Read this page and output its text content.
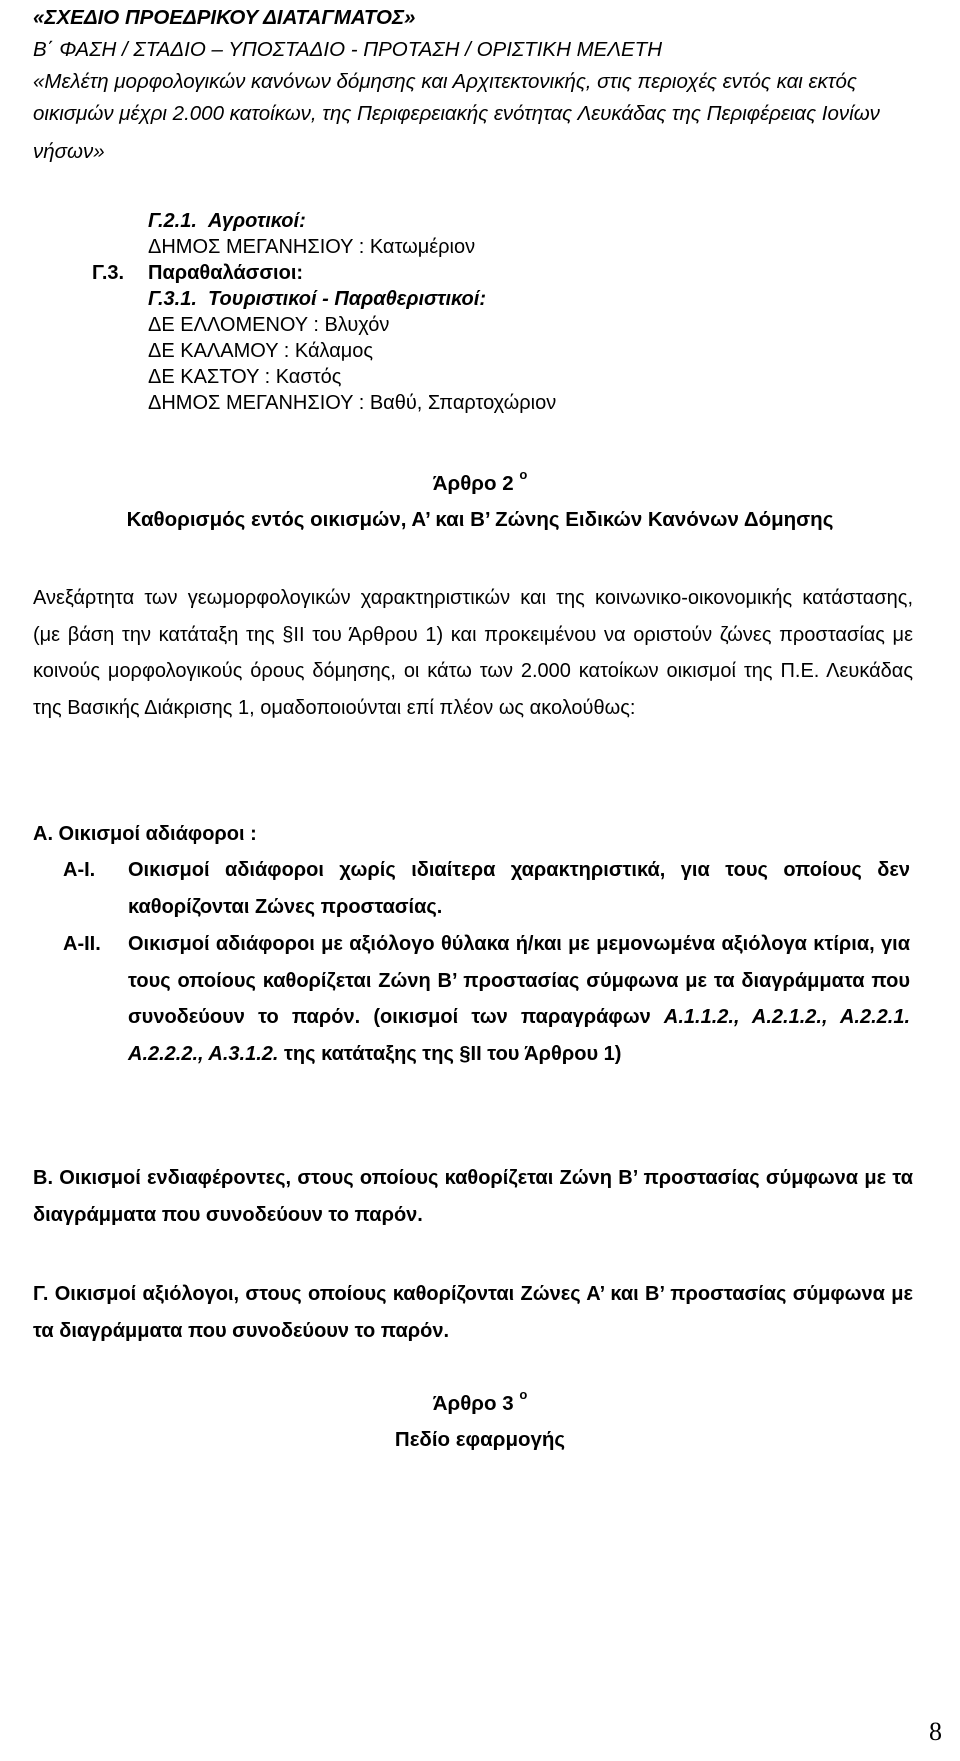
«ΣΧΕΔΙΟ ΠΡΟΕΔΡΙΚΟΥ ΔΙΑΤΑΓΜΑΤΟΣ»
Β΄ ΦΑΣΗ / ΣΤΑΔΙΟ – ΥΠΟΣΤΑΔΙΟ - ΠΡΟΤΑΣΗ / ΟΡΙΣΤΙΚΗ ΜΕΛΕΤΗ
«Μελέτη μορφολογικών κανόνων δόμησης και Αρχιτεκτονικής, στις περιοχές εντός και εκτός
οικισμών μέχρι 2.000 κατοίκων, της Περιφερειακής ενότητας Λευκάδας της Περιφέρειας Ιονίων
νήσων»
Γ.2.1. Αγροτικοί:
ΔΗΜΟΣ ΜΕΓΑΝΗΣΙΟΥ : Κατωμέριον
Γ.3. Παραθαλάσσιοι:
Γ.3.1. Τουριστικοί - Παραθεριστικοί:
ΔΕ ΕΛΛΟΜΕΝΟΥ : Βλυχόν
ΔΕ ΚΑΛΑΜΟΥ : Κάλαμος
ΔΕ ΚΑΣΤΟΥ : Καστός
ΔΗΜΟΣ ΜΕΓΑΝΗΣΙΟΥ : Βαθύ, Σπαρτοχώριον
Άρθρο 2 $^o$
Καθορισμός εντός οικισμών, Α’ και Β’ Ζώνης Ειδικών Κανόνων Δόμησης
Ανεξάρτητα των γεωμορφολογικών χαρακτηριστικών και της κοινωνικο-οικονομικής κατάστασης, (με βάση την κατάταξη της §ΙΙ του Άρθρου 1) και προκειμένου να οριστούν ζώνες προστασίας με κοινούς μορφολογικούς όρους δόμησης, οι κάτω των 2.000 κατοίκων οικισμοί της Π.Ε. Λευκάδας της Βασικής Διάκρισης 1, ομαδοποιούνται επί πλέον ως ακολούθως:
Α. Οικισμοί αδιάφοροι :
Α-Ι.	Οικισμοί αδιάφοροι χωρίς ιδιαίτερα χαρακτηριστικά, για τους οποίους δεν καθορίζονται Ζώνες προστασίας.
Α-ΙΙ.	Οικισμοί αδιάφοροι με αξιόλογο θύλακα ή/και με μεμονωμένα αξιόλογα κτίρια, για τους οποίους καθορίζεται Ζώνη Β’ προστασίας σύμφωνα με τα διαγράμματα που συνοδεύουν το παρόν. (οικισμοί των παραγράφων Α.1.1.2., Α.2.1.2., Α.2.2.1. Α.2.2.2., Α.3.1.2. της κατάταξης της §ΙΙ του Άρθρου 1)
Β. Οικισμοί ενδιαφέροντες, στους οποίους καθορίζεται Ζώνη Β’ προστασίας σύμφωνα με τα διαγράμματα που συνοδεύουν το παρόν.
Γ. Οικισμοί αξιόλογοι, στους οποίους καθορίζονται Ζώνες Α’ και Β’ προστασίας σύμφωνα με τα διαγράμματα που συνοδεύουν το παρόν.
Άρθρο 3 $^o$
Πεδίο εφαρμογής
8
